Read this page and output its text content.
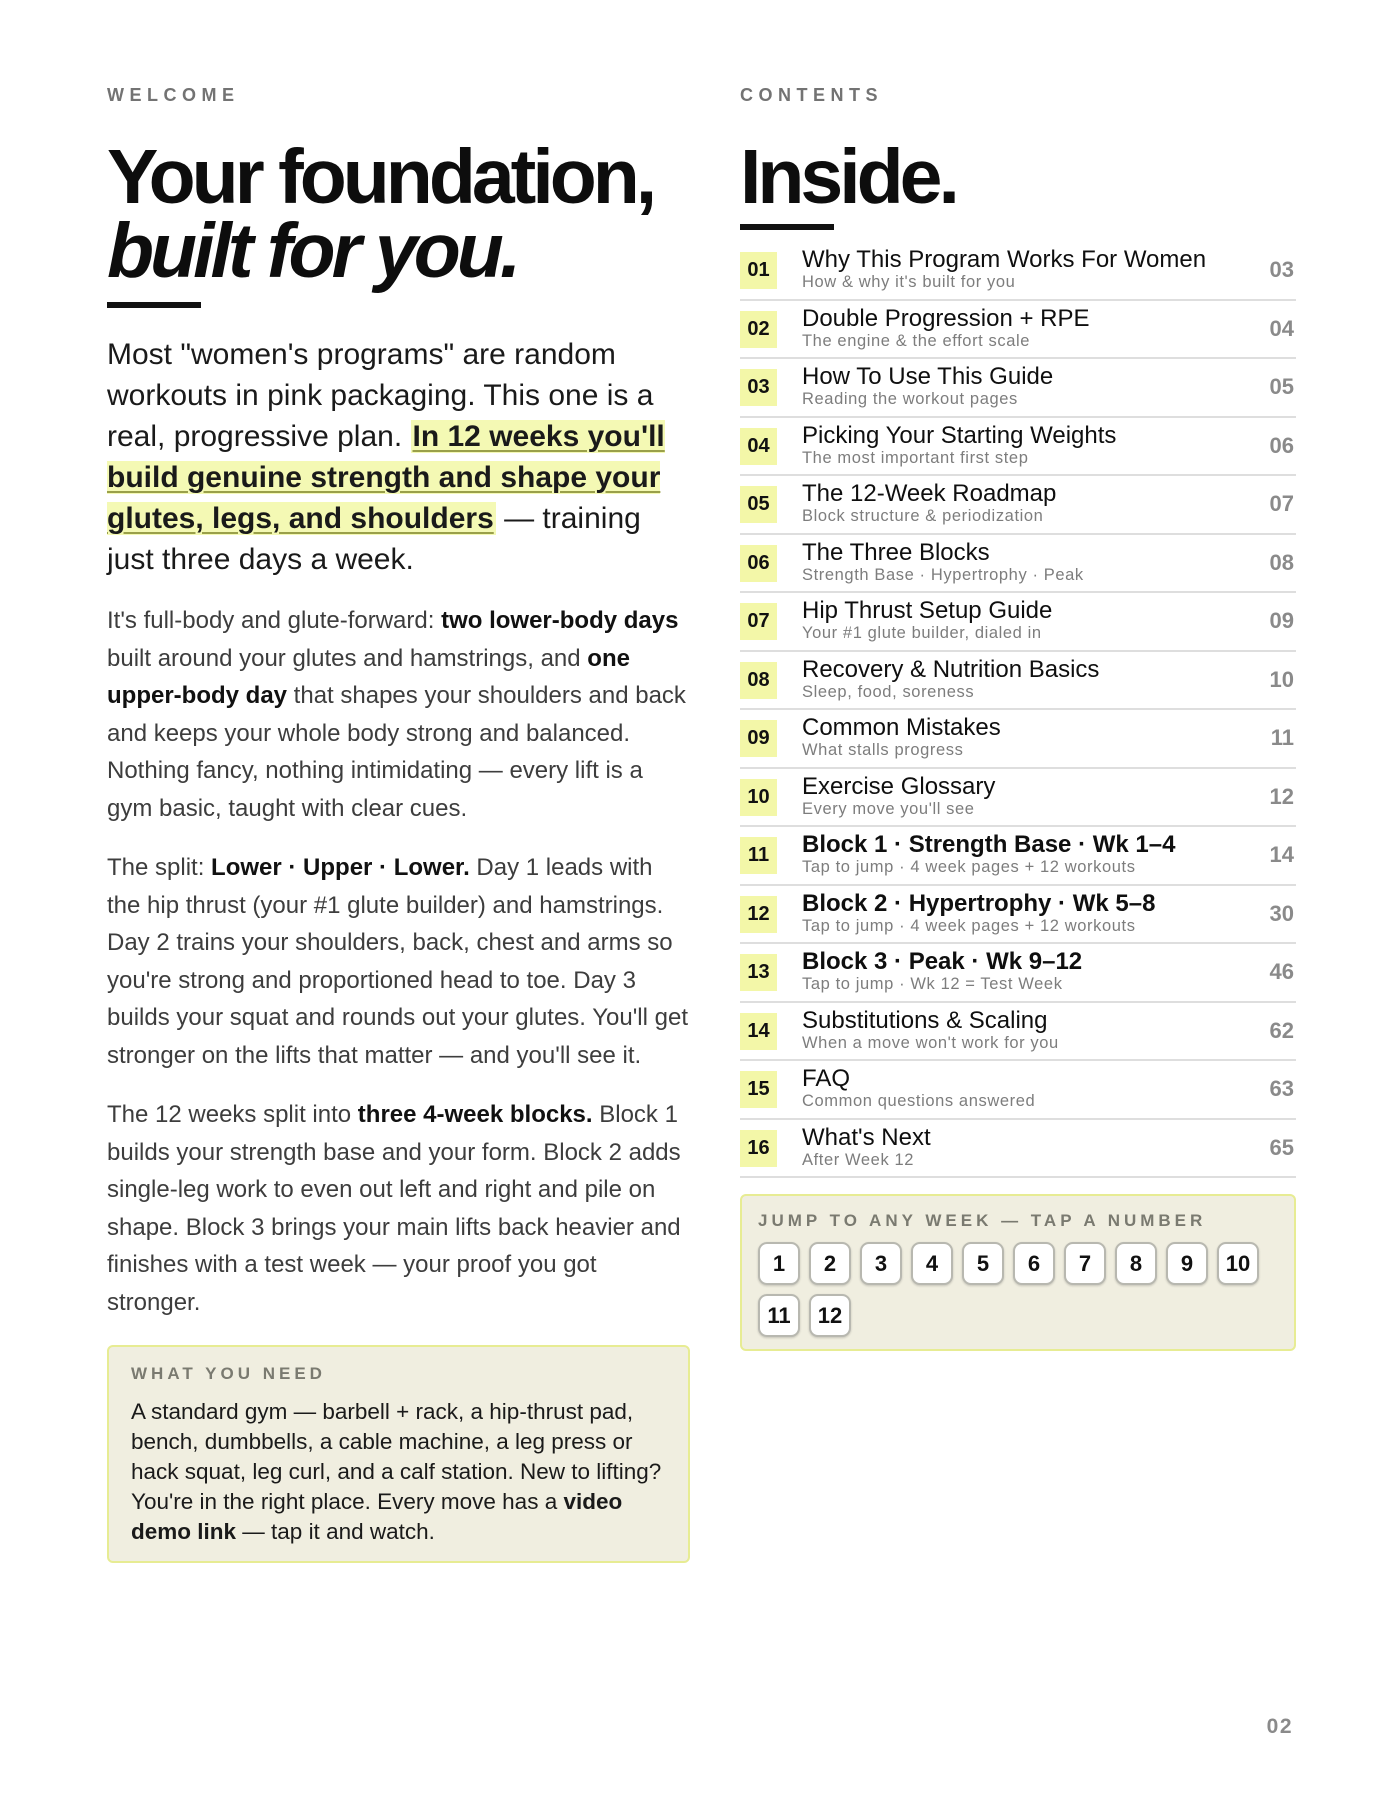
WELCOME
Your foundation,
built for you.

Most "women's programs" are random workouts in pink packaging. This one is a real, progressive plan. In 12 weeks you'll build genuine strength and shape your glutes, legs, and shoulders — training just three days a week.

It's full-body and glute-forward: two lower-body days built around your glutes and hamstrings, and one upper-body day that shapes your shoulders and back and keeps your whole body strong and balanced. Nothing fancy, nothing intimidating — every lift is a gym basic, taught with clear cues.

The split: Lower · Upper · Lower. Day 1 leads with the hip thrust (your #1 glute builder) and hamstrings. Day 2 trains your shoulders, back, chest and arms so you're strong and proportioned head to toe. Day 3 builds your squat and rounds out your glutes. You'll get stronger on the lifts that matter — and you'll see it.

The 12 weeks split into three 4-week blocks. Block 1 builds your strength base and your form. Block 2 adds single-leg work to even out left and right and pile on shape. Block 3 brings your main lifts back heavier and finishes with a test week — your proof you got stronger.

WHAT YOU NEED

A standard gym — barbell + rack, a hip-thrust pad, bench, dumbbells, a cable machine, a leg press or hack squat, leg curl, and a calf station. New to lifting? You're in the right place. Every move has a video demo link — tap it and watch.

CONTENTS
Inside.
01	Why This Program Works For Women
How & why it's built for you	03
02	Double Progression + RPE
The engine & the effort scale	04
03	How To Use This Guide
Reading the workout pages	05
04	Picking Your Starting Weights
The most important first step	06
05	The 12-Week Roadmap
Block structure & periodization	07
06	The Three Blocks
Strength Base · Hypertrophy · Peak	08
07	Hip Thrust Setup Guide
Your #1 glute builder, dialed in	09
08	Recovery & Nutrition Basics
Sleep, food, soreness	10
09	Common Mistakes
What stalls progress	11
10	Exercise Glossary
Every move you'll see	12
11	Block 1 · Strength Base · Wk 1–4
Tap to jump · 4 week pages + 12 workouts	14
12	Block 2 · Hypertrophy · Wk 5–8
Tap to jump · 4 week pages + 12 workouts	30
13	Block 3 · Peak · Wk 9–12
Tap to jump · Wk 12 = Test Week	46
14	Substitutions & Scaling
When a move won't work for you	62
15	FAQ
Common questions answered	63
16	What's Next
After Week 12	65
JUMP TO ANY WEEK — TAP A NUMBER
1	2	3	4	5	6	7	8	9	10
11	12
02
